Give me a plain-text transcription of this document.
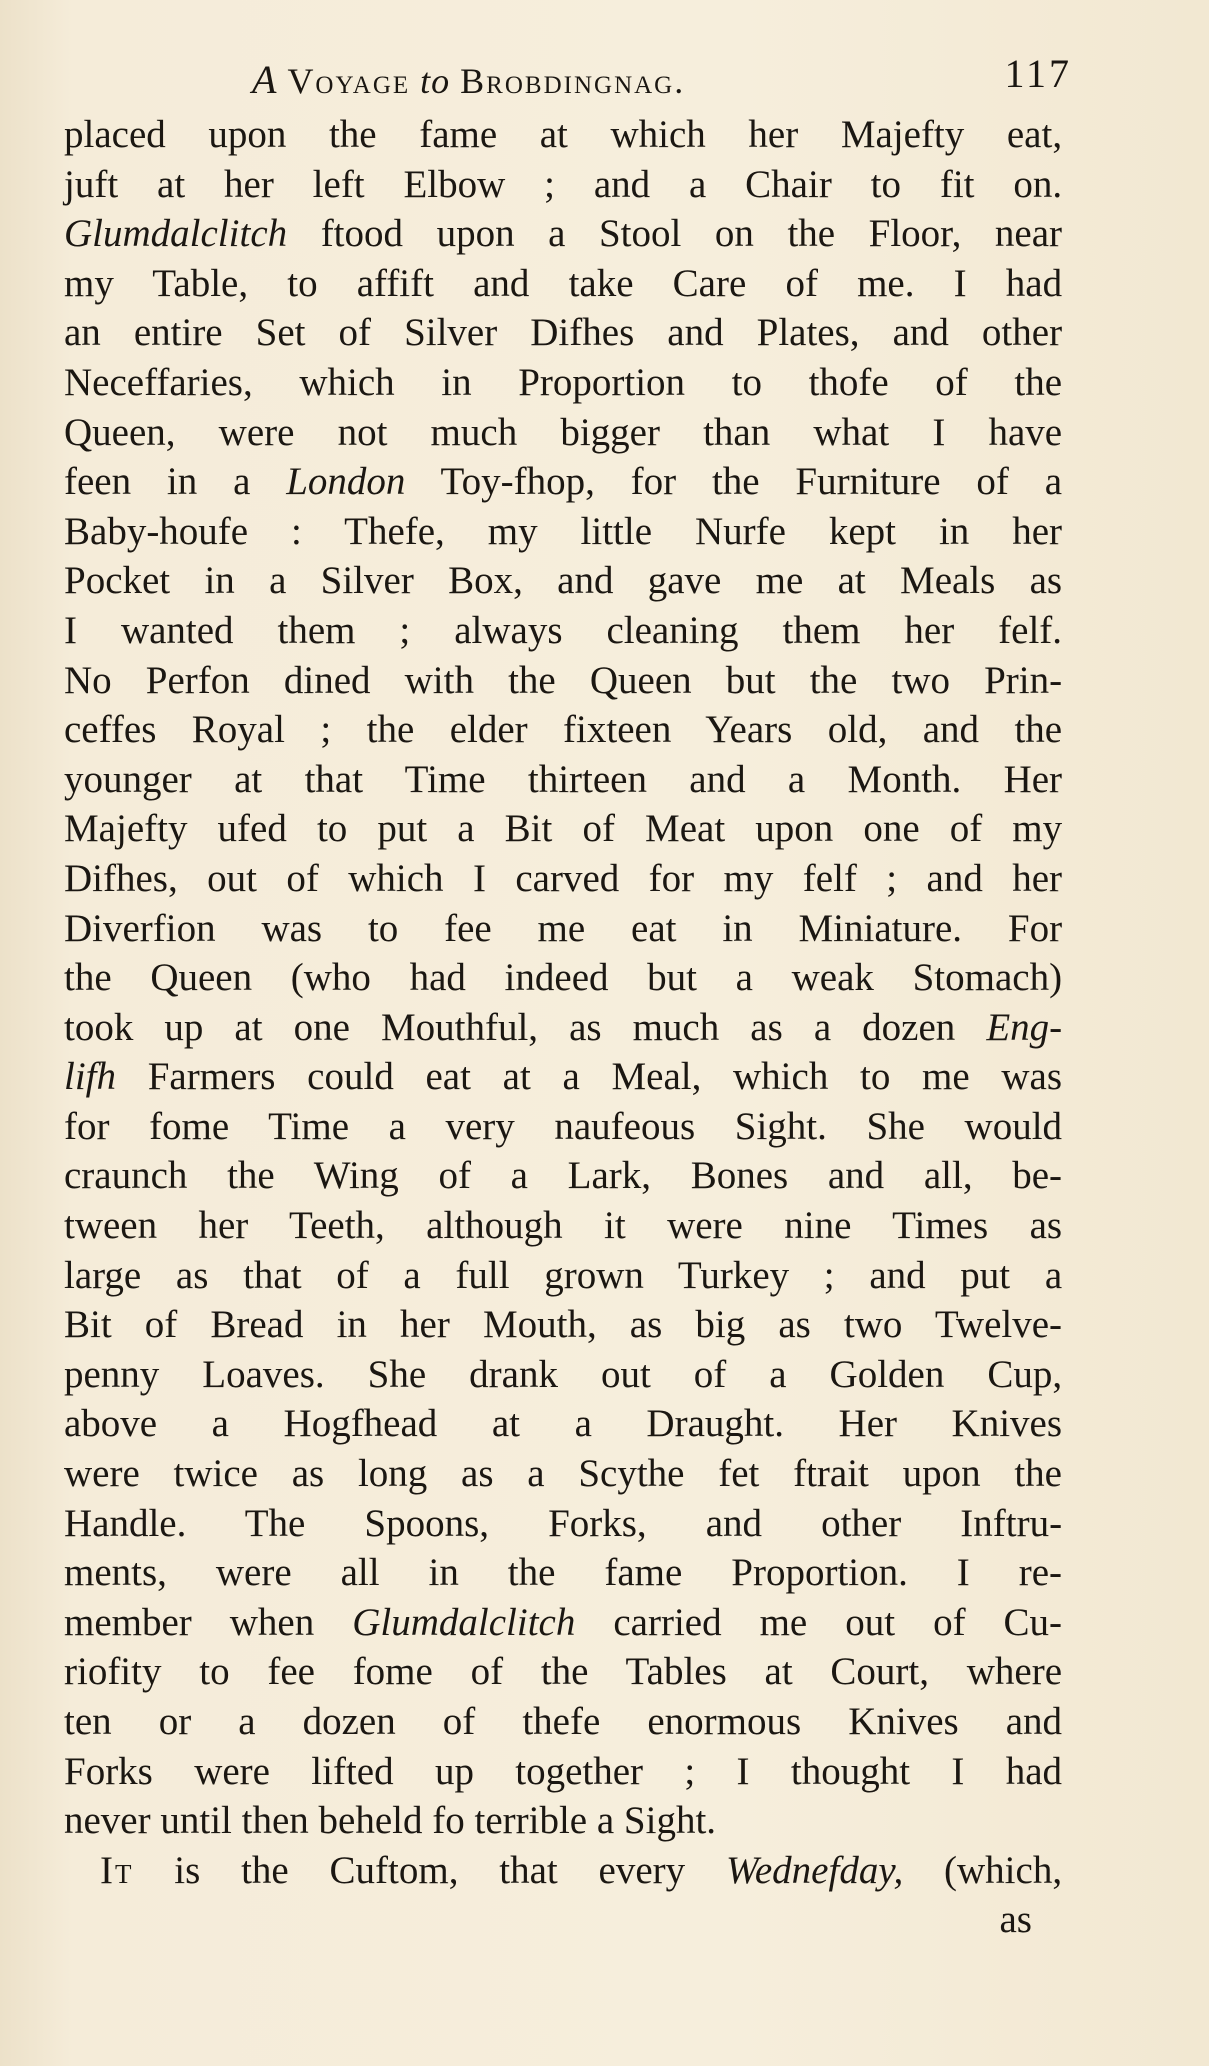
A Voyage to Brobdingnag.	117
placed upon the fame at which her Majefty eat,
juft at her left Elbow ; and a Chair to fit on.
Glumdalclitch ftood upon a Stool on the Floor, near
my Table, to affift and take Care of me. I had
an entire Set of Silver Difhes and Plates, and other
Neceffaries, which in Proportion to thofe of the
Queen, were not much bigger than what I have
feen in a London Toy-fhop, for the Furniture of a
Baby-houfe : Thefe, my little Nurfe kept in her
Pocket in a Silver Box, and gave me at Meals as
I wanted them ; always cleaning them her felf.
No Perfon dined with the Queen but the two Prin-
ceffes Royal ; the elder fixteen Years old, and the
younger at that Time thirteen and a Month. Her
Majefty ufed to put a Bit of Meat upon one of my
Difhes, out of which I carved for my felf ; and her
Diverfion was to fee me eat in Miniature. For
the Queen (who had indeed but a weak Stomach)
took up at one Mouthful, as much as a dozen Eng-
lifh Farmers could eat at a Meal, which to me was
for fome Time a very naufeous Sight. She would
craunch the Wing of a Lark, Bones and all, be-
tween her Teeth, although it were nine Times as
large as that of a full grown Turkey ; and put a
Bit of Bread in her Mouth, as big as two Twelve-
penny Loaves. She drank out of a Golden Cup,
above a Hogfhead at a Draught. Her Knives
were twice as long as a Scythe fet ftrait upon the
Handle. The Spoons, Forks, and other Inftru-
ments, were all in the fame Proportion. I re-
member when Glumdalclitch carried me out of Cu-
riofity to fee fome of the Tables at Court, where
ten or a dozen of thefe enormous Knives and
Forks were lifted up together ; I thought I had
never until then beheld fo terrible a Sight.
It is the Cuftom, that every Wednefday, (which,
as
